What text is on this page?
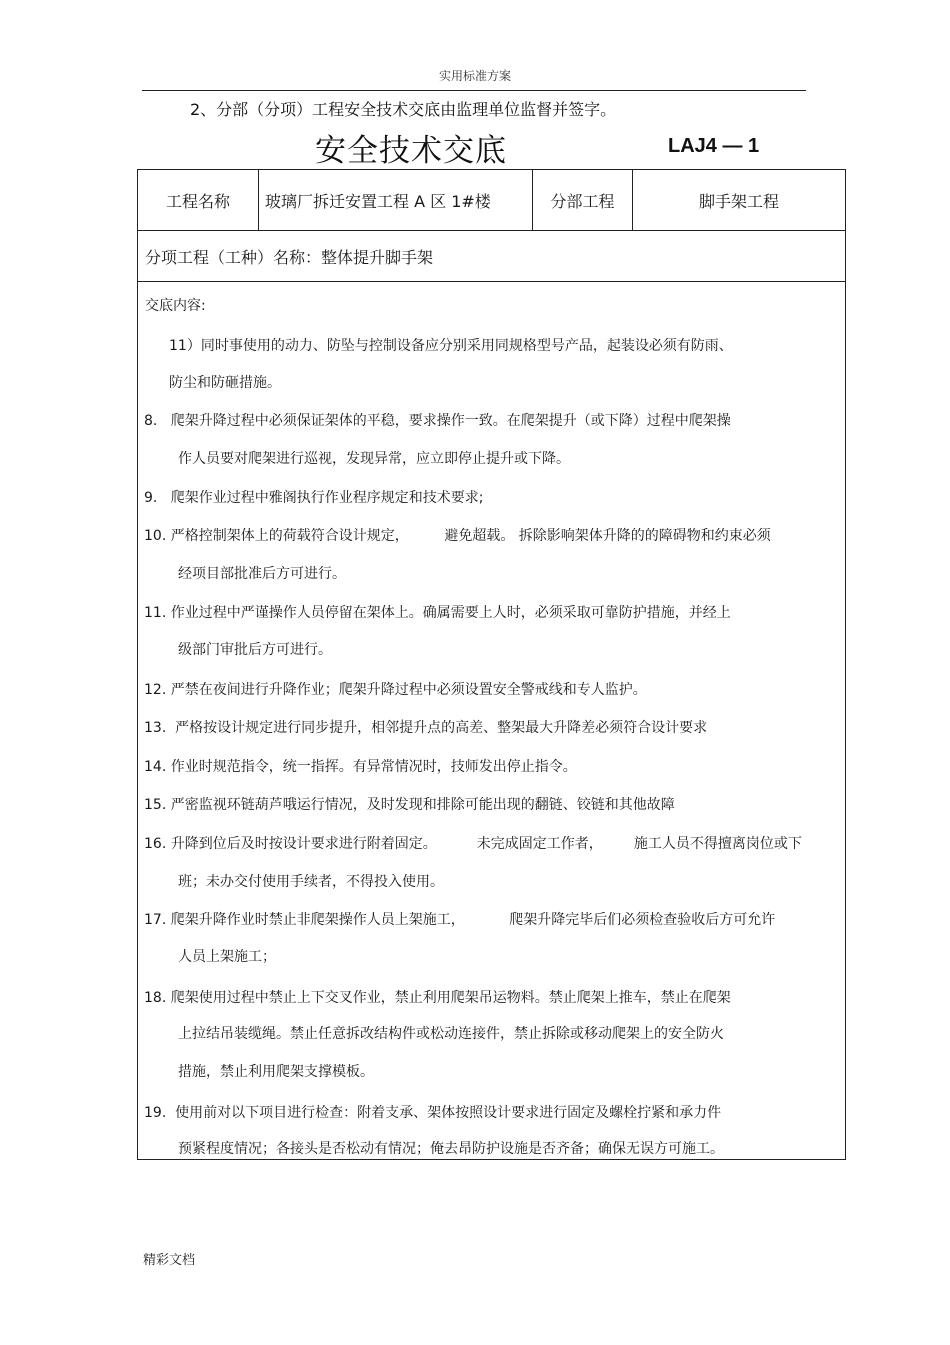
实用标准方案
2、分部（分项）工程安全技术交底由监理单位监督并签字。
安全技术交底	LAJ4 — 1
工程名称	玻璃厂拆迁安置工程 A 区 1#楼	分部工程	脚手架工程
分项工程（工种）名称：整体提升脚手架
交底内容:
11）同时事使用的动力、防坠与控制设备应分别采用同规格型号产品，起装设必须有防雨、
防尘和防砸措施。
8.   爬架升降过程中必须保证架体的平稳，要求操作一致。在爬架提升（或下降）过程中爬架操
作人员要对爬架进行巡视，发现异常，应立即停止提升或下降。
9.   爬架作业过程中雅阁执行作业程序规定和技术要求;
10. 严格控制架体上的荷载符合设计规定，        避免超载。 拆除影响架体升降的的障碍物和约束必须
经项目部批准后方可进行。
11. 作业过程中严谨操作人员停留在架体上。确属需要上人时，必须采取可靠防护措施，并经上
级部门审批后方可进行。
12. 严禁在夜间进行升降作业；爬架升降过程中必须设置安全警戒线和专人监护。
13.  严格按设计规定进行同步提升，相邻提升点的高差、整架最大升降差必须符合设计要求
14. 作业时规范指令，统一指挥。有异常情况时，技师发出停止指令。
15. 严密监视环链葫芦哦运行情况，及时发现和排除可能出现的翻链、铰链和其他故障
16. 升降到位后及时按设计要求进行附着固定。         未完成固定工作者，       施工人员不得擅离岗位或下
班；未办交付使用手续者，不得投入使用。
17. 爬架升降作业时禁止非爬架操作人员上架施工，          爬架升降完毕后们必须检查验收后方可允许
人员上架施工；
18. 爬架使用过程中禁止上下交叉作业，禁止利用爬架吊运物料。禁止爬架上推车，禁止在爬架
上拉结吊装缆绳。禁止任意拆改结构件或松动连接件，禁止拆除或移动爬架上的安全防火
措施，禁止利用爬架支撑模板。
19.  使用前对以下项目进行检查：附着支承、架体按照设计要求进行固定及螺栓拧紧和承力件
预紧程度情况；各接头是否松动有情况；俺去昂防护设施是否齐备；确保无误方可施工。
精彩文档
